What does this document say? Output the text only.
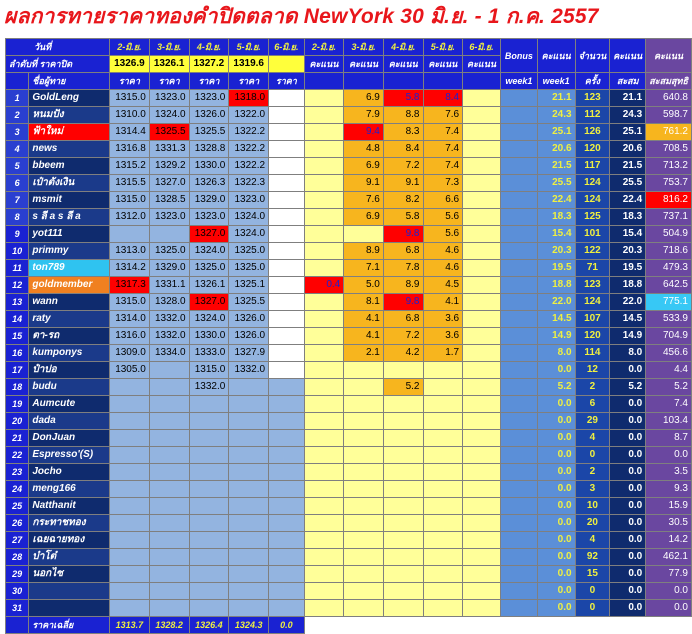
ผลการทายราคาทองคำปิดตลาด NewYork 30 มิ.ย. - 1 ก.ค. 2557
วันที่		2-มิ.ย.	3-มิ.ย.	4-มิ.ย.	5-มิ.ย.	6-มิ.ย.	2-มิ.ย.	3-มิ.ย.	4-มิ.ย.	5-มิ.ย.	6-มิ.ย.	Bonus	คะแนน	จำนวน	คะแนน	คะแนน
ลำดับที่ ราคาปิด		1326.9	1326.1	1327.2	1319.6		คะแนน	คะแนน	คะแนน	คะแนน	คะแนน					
	ชื่อผู้ทาย	ราคา	ราคา	ราคา	ราคา	ราคา						week1	week1	ครั้ง	สะสม	สะสมสุทธิ
1	GoldLeng	1315.0	1323.0	1323.0	1318.0			6.9	5.8	8.4			21.1	123	21.1	640.8
2	หนมปัง	1310.0	1324.0	1326.0	1322.0			7.9	8.8	7.6			24.3	112	24.3	598.7
3	ฟ้าใหม่	1314.4	1325.5	1325.5	1322.2			9.4	8.3	7.4			25.1	126	25.1	761.2
4	news	1316.8	1331.3	1328.8	1322.2			4.8	8.4	7.4			20.6	120	20.6	708.5
5	bbeem	1315.2	1329.2	1330.0	1322.2			6.9	7.2	7.4			21.5	117	21.5	713.2
6	เป๋าตังเงิน	1315.5	1327.0	1326.3	1322.3			9.1	9.1	7.3			25.5	124	25.5	753.7
7	msmit	1315.0	1328.5	1329.0	1323.0			7.6	8.2	6.6			22.4	124	22.4	816.2
8	s ลี a s ลี a	1312.0	1323.0	1323.0	1324.0			6.9	5.8	5.6			18.3	125	18.3	737.1
9	yot111			1327.0	1324.0				9.8	5.6			15.4	101	15.4	504.9
10	primmy	1313.0	1325.0	1324.0	1325.0			8.9	6.8	4.6			20.3	122	20.3	718.6
11	ton789	1314.2	1329.0	1325.0	1325.0			7.1	7.8	4.6			19.5	71	19.5	479.3
12	goldmember	1317.3	1331.1	1326.1	1325.1		0.4	5.0	8.9	4.5			18.8	123	18.8	642.5
13	wann	1315.0	1328.0	1327.0	1325.5			8.1	9.8	4.1			22.0	124	22.0	775.1
14	raty	1314.0	1332.0	1324.0	1326.0			4.1	6.8	3.6			14.5	107	14.5	533.9
15	ตา-รถ	1316.0	1332.0	1330.0	1326.0			4.1	7.2	3.6			14.9	120	14.9	704.9
16	kumponys	1309.0	1334.0	1333.0	1327.9			2.1	4.2	1.7			8.0	114	8.0	456.6
17	ป๋าปอ	1305.0		1315.0	1332.0								0.0	12	0.0	4.4
18	budu			1332.0					5.2				5.2	2	5.2	5.2
19	Aumcute												0.0	6	0.0	7.4
20	dada												0.0	29	0.0	103.4
21	DonJuan												0.0	4	0.0	8.7
22	Espresso'(S)												0.0	0	0.0	0.0
23	Jocho												0.0	2	0.0	3.5
24	meng166												0.0	3	0.0	9.3
25	Natthanit												0.0	10	0.0	15.9
26	กระทาชทอง												0.0	20	0.0	30.5
27	เฉยฉายทอง												0.0	4	0.0	14.2
28	บ๋าโต๋												0.0	92	0.0	462.1
29	นอกไซ												0.0	15	0.0	77.9
30													0.0	0	0.0	0.0
31													0.0	0	0.0	0.0
	ราคาเฉลี่ย	1313.7	1328.2	1326.4	1324.3	0.0										
